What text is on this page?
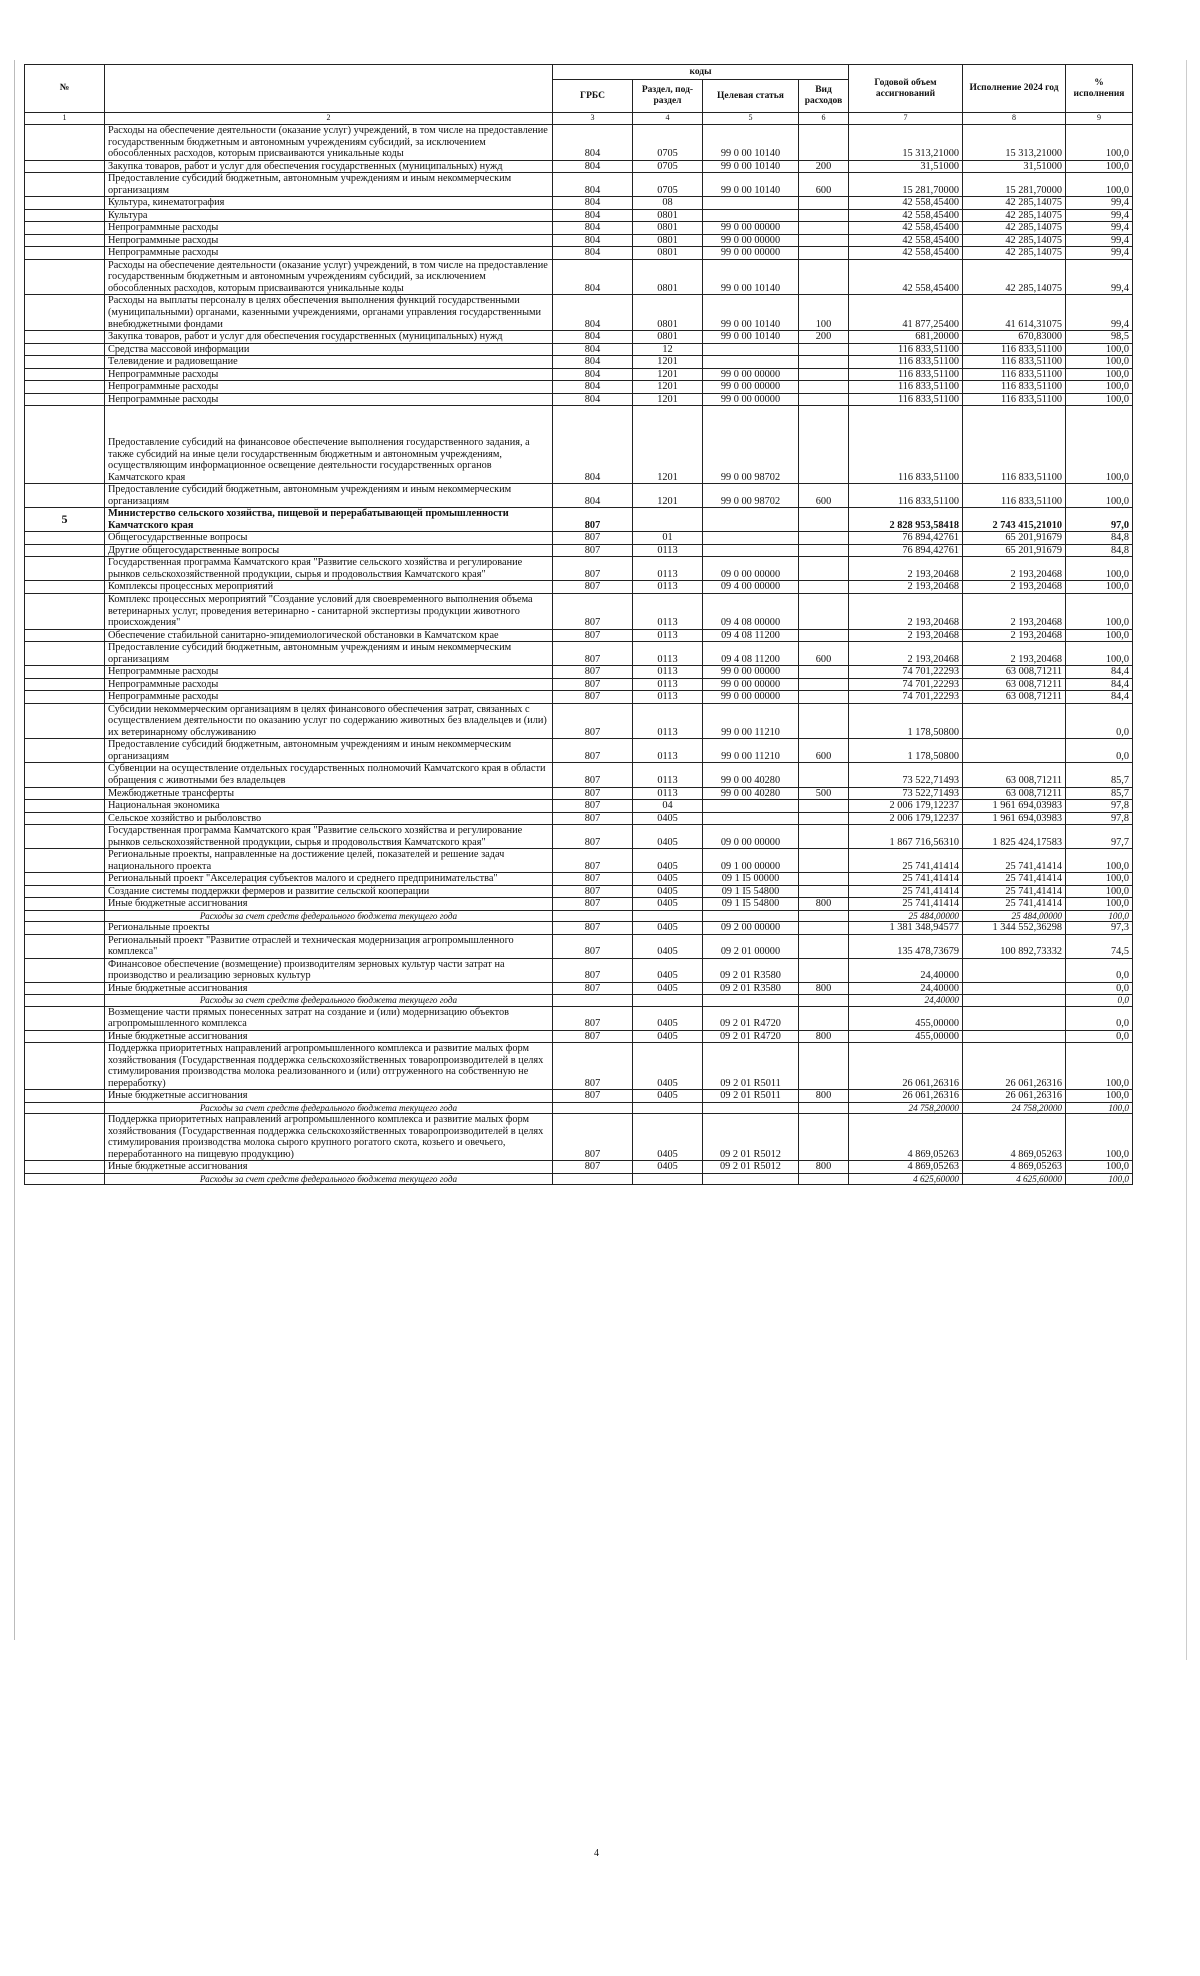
№		коды				Годовой объем ассигнований	Исполнение 2024 год	% исполнения
		ГРБС	Раздел, под-раздел	Целевая статья	Вид расходов			
1	2	3	4	5	6	7	8	9
	Расходы на обеспечение деятельности (оказание услуг) учреждений, в том числе на предоставление государственным бюджетным и автономным учреждениям субсидий, за исключением обособленных расходов, которым присваиваются уникальные коды	804	0705	99 0 00 10140		15 313,21000	15 313,21000	100,0
	Закупка товаров, работ и услуг для обеспечения государственных (муниципальных) нужд	804	0705	99 0 00 10140	200	31,51000	31,51000	100,0
	Предоставление субсидий бюджетным, автономным учреждениям и иным некоммерческим организациям	804	0705	99 0 00 10140	600	15 281,70000	15 281,70000	100,0
	Культура, кинематография	804	08			42 558,45400	42 285,14075	99,4
	Культура	804	0801			42 558,45400	42 285,14075	99,4
	Непрограммные расходы	804	0801	99 0 00 00000		42 558,45400	42 285,14075	99,4
	Непрограммные расходы	804	0801	99 0 00 00000		42 558,45400	42 285,14075	99,4
	Непрограммные расходы	804	0801	99 0 00 00000		42 558,45400	42 285,14075	99,4
	Расходы на обеспечение деятельности (оказание услуг) учреждений, в том числе на предоставление государственным бюджетным и автономным учреждениям субсидий, за исключением обособленных расходов, которым присваиваются уникальные коды	804	0801	99 0 00 10140		42 558,45400	42 285,14075	99,4
	Расходы на выплаты персоналу в целях обеспечения выполнения функций государственными (муниципальными) органами, казенными учреждениями, органами управления государственными внебюджетными фондами	804	0801	99 0 00 10140	100	41 877,25400	41 614,31075	99,4
	Закупка товаров, работ и услуг для обеспечения государственных (муниципальных) нужд	804	0801	99 0 00 10140	200	681,20000	670,83000	98,5
	Средства массовой информации	804	12			116 833,51100	116 833,51100	100,0
	Телевидение и радиовещание	804	1201			116 833,51100	116 833,51100	100,0
	Непрограммные расходы	804	1201	99 0 00 00000		116 833,51100	116 833,51100	100,0
	Непрограммные расходы	804	1201	99 0 00 00000		116 833,51100	116 833,51100	100,0
	Непрограммные расходы	804	1201	99 0 00 00000		116 833,51100	116 833,51100	100,0
	Предоставление субсидий на финансовое обеспечение выполнения государственного задания, а также субсидий на иные цели государственным бюджетным и автономным учреждениям, осуществляющим информационное освещение деятельности государственных органов Камчатского края	804	1201	99 0 00 98702		116 833,51100	116 833,51100	100,0
	Предоставление субсидий бюджетным, автономным учреждениям и иным некоммерческим организациям	804	1201	99 0 00 98702	600	116 833,51100	116 833,51100	100,0
5	Министерство сельского хозяйства, пищевой и перерабатывающей промышленности Камчатского края	807				2 828 953,58418	2 743 415,21010	97,0
	Общегосударственные вопросы	807	01			76 894,42761	65 201,91679	84,8
	Другие общегосударственные вопросы	807	0113			76 894,42761	65 201,91679	84,8
	Государственная программа Камчатского края "Развитие сельского хозяйства и регулирование рынков сельскохозяйственной продукции, сырья и продовольствия Камчатского края"	807	0113	09 0 00 00000		2 193,20468	2 193,20468	100,0
	Комплексы процессных мероприятий	807	0113	09 4 00 00000		2 193,20468	2 193,20468	100,0
	Комплекс процессных мероприятий "Создание условий для своевременного выполнения объема ветеринарных услуг, проведения ветеринарно - санитарной экспертизы продукции животного происхождения"	807	0113	09 4 08 00000		2 193,20468	2 193,20468	100,0
	Обеспечение стабильной санитарно-эпидемиологической обстановки в Камчатском крае	807	0113	09 4 08 11200		2 193,20468	2 193,20468	100,0
	Предоставление субсидий бюджетным, автономным учреждениям и иным некоммерческим организациям	807	0113	09 4 08 11200	600	2 193,20468	2 193,20468	100,0
	Непрограммные расходы	807	0113	99 0 00 00000		74 701,22293	63 008,71211	84,4
	Непрограммные расходы	807	0113	99 0 00 00000		74 701,22293	63 008,71211	84,4
	Непрограммные расходы	807	0113	99 0 00 00000		74 701,22293	63 008,71211	84,4
	Субсидии некоммерческим организациям в целях финансового обеспечения затрат, связанных с осуществлением деятельности по оказанию услуг по содержанию животных без владельцев и (или) их ветеринарному обслуживанию	807	0113	99 0 00 11210		1 178,50800		0,0
	Предоставление субсидий бюджетным, автономным учреждениям и иным некоммерческим организациям	807	0113	99 0 00 11210	600	1 178,50800		0,0
	Субвенции на осуществление отдельных государственных полномочий Камчатского края в области обращения с животными без владельцев	807	0113	99 0 00 40280		73 522,71493	63 008,71211	85,7
	Межбюджетные трансферты	807	0113	99 0 00 40280	500	73 522,71493	63 008,71211	85,7
	Национальная экономика	807	04			2 006 179,12237	1 961 694,03983	97,8
	Сельское хозяйство и рыболовство	807	0405			2 006 179,12237	1 961 694,03983	97,8
	Государственная программа Камчатского края "Развитие сельского хозяйства и регулирование рынков сельскохозяйственной продукции, сырья и продовольствия Камчатского края"	807	0405	09 0 00 00000		1 867 716,56310	1 825 424,17583	97,7
	Региональные проекты, направленные на достижение целей, показателей и решение задач национального проекта	807	0405	09 1 00 00000		25 741,41414	25 741,41414	100,0
	Региональный проект "Акселерация субъектов малого и среднего предпринимательства"	807	0405	09 1 I5 00000		25 741,41414	25 741,41414	100,0
	Создание системы поддержки фермеров и развитие сельской кооперации	807	0405	09 1 I5 54800		25 741,41414	25 741,41414	100,0
	Иные бюджетные ассигнования	807	0405	09 1 I5 54800	800	25 741,41414	25 741,41414	100,0
	Расходы за счет средств федерального бюджета текущего года					25 484,00000	25 484,00000	100,0
	Региональные проекты	807	0405	09 2 00 00000		1 381 348,94577	1 344 552,36298	97,3
	Региональный проект "Развитие отраслей и техническая модернизация агропромышленного комплекса"	807	0405	09 2 01 00000		135 478,73679	100 892,73332	74,5
	Финансовое обеспечение (возмещение) производителям зерновых культур части затрат на производство и реализацию зерновых культур	807	0405	09 2 01 R3580		24,40000		0,0
	Иные бюджетные ассигнования	807	0405	09 2 01 R3580	800	24,40000		0,0
	Расходы за счет средств федерального бюджета текущего года					24,40000		0,0
	Возмещение части прямых понесенных затрат на создание и (или) модернизацию объектов агропромышленного комплекса	807	0405	09 2 01 R4720		455,00000		0,0
	Иные бюджетные ассигнования	807	0405	09 2 01 R4720	800	455,00000		0,0
	Поддержка приоритетных направлений агропромышленного комплекса и развитие малых форм хозяйствования (Государственная поддержка сельскохозяйственных товаропроизводителей в целях стимулирования производства молока реализованного и (или) отгруженного на собственную не переработку)	807	0405	09 2 01 R5011		26 061,26316	26 061,26316	100,0
	Иные бюджетные ассигнования	807	0405	09 2 01 R5011	800	26 061,26316	26 061,26316	100,0
	Расходы за счет средств федерального бюджета текущего года					24 758,20000	24 758,20000	100,0
	Поддержка приоритетных направлений агропромышленного комплекса и развитие малых форм хозяйствования (Государственная поддержка сельскохозяйственных товаропроизводителей в целях стимулирования производства молока сырого крупного рогатого скота, козьего и овечьего, переработанного на пищевую продукцию)	807	0405	09 2 01 R5012		4 869,05263	4 869,05263	100,0
	Иные бюджетные ассигнования	807	0405	09 2 01 R5012	800	4 869,05263	4 869,05263	100,0
	Расходы за счет средств федерального бюджета текущего года					4 625,60000	4 625,60000	100,0
4
